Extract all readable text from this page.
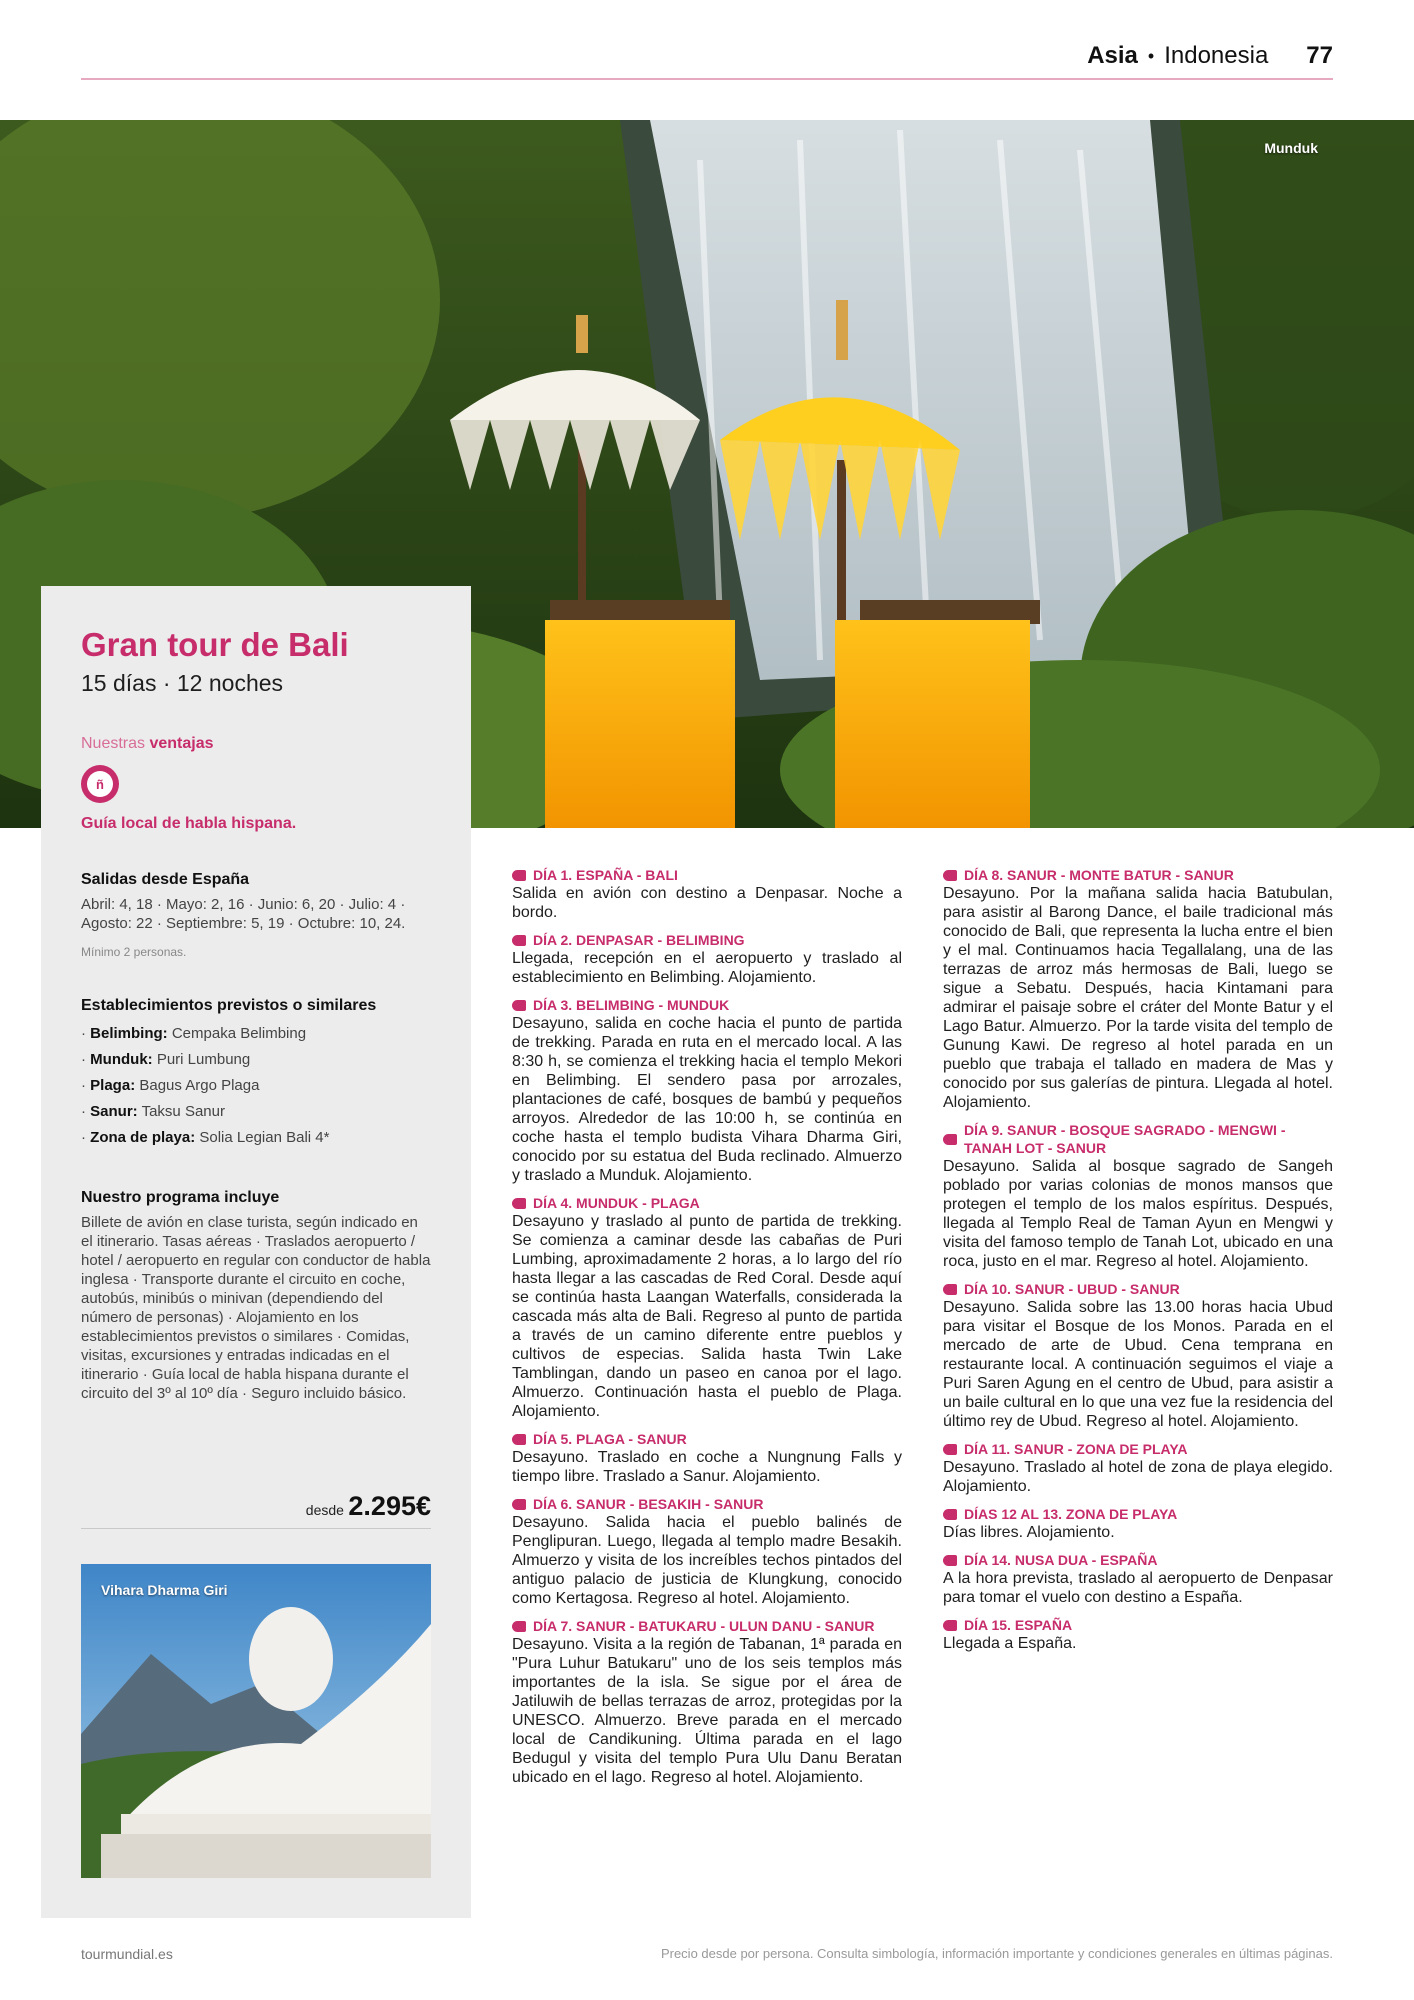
Asia • Indonesia 77
Munduk
Gran tour de Bali
15 días · 12 noches
Nuestras ventajas
ñ
Guía local de habla hispana.
Salidas desde España
Abril: 4, 18 · Mayo: 2, 16 · Junio: 6, 20 · Julio: 4 · Agosto: 22 · Septiembre: 5, 19 · Octubre: 10, 24.
Mínimo 2 personas.
Establecimientos previstos o similares
· Belimbing: Cempaka Belimbing
· Munduk: Puri Lumbung
· Plaga: Bagus Argo Plaga
· Sanur: Taksu Sanur
· Zona de playa: Solia Legian Bali 4*
Nuestro programa incluye
Billete de avión en clase turista, según indicado en el itinerario. Tasas aéreas · Traslados aeropuerto / hotel / aeropuerto en regular con conductor de habla inglesa · Transporte durante el circuito en coche, autobús, minibús o minivan (dependiendo del número de personas) · Alojamiento en los establecimientos previstos o similares · Comidas, visitas, excursiones y entradas indicadas en el itinerario · Guía local de habla hispana durante el circuito del 3º al 10º día · Seguro incluido básico.
desde 2.295€
Vihara Dharma Giri
DÍA 1. ESPAÑA - BALI
Salida en avión con destino a Denpasar. Noche a bordo.
DÍA 2. DENPASAR - BELIMBING
Llegada, recepción en el aeropuerto y traslado al establecimiento en Belimbing. Alojamiento.
DÍA 3. BELIMBING - MUNDUK
Desayuno, salida en coche hacia el punto de partida de trekking. Parada en ruta en el mercado local. A las 8:30 h, se comienza el trekking hacia el templo Mekori en Belimbing. El sendero pasa por arrozales, plantaciones de café, bosques de bambú y pequeños arroyos. Alrededor de las 10:00 h, se continúa en coche hasta el templo budista Vihara Dharma Giri, conocido por su estatua del Buda reclinado. Almuerzo y traslado a Munduk. Alojamiento.
DÍA 4. MUNDUK - PLAGA
Desayuno y traslado al punto de partida de trekking. Se comienza a caminar desde las cabañas de Puri Lumbing, aproximadamente 2 horas, a lo largo del río hasta llegar a las cascadas de Red Coral. Desde aquí se continúa hasta Laangan Waterfalls, considerada la cascada más alta de Bali. Regreso al punto de partida a través de un camino diferente entre pueblos y cultivos de especias. Salida hasta Twin Lake Tamblingan, dando un paseo en canoa por el lago. Almuerzo. Continuación hasta el pueblo de Plaga. Alojamiento.
DÍA 5. PLAGA - SANUR
Desayuno. Traslado en coche a Nungnung Falls y tiempo libre. Traslado a Sanur. Alojamiento.
DÍA 6. SANUR - BESAKIH - SANUR
Desayuno. Salida hacia el pueblo balinés de Penglipuran. Luego, llegada al templo madre Besakih. Almuerzo y visita de los increíbles techos pintados del antiguo palacio de justicia de Klungkung, conocido como Kertagosa. Regreso al hotel. Alojamiento.
DÍA 7. SANUR - BATUKARU - ULUN DANU - SANUR
Desayuno. Visita a la región de Tabanan, 1ª parada en "Pura Luhur Batukaru" uno de los seis templos más importantes de la isla. Se sigue por el área de Jatiluwih de bellas terrazas de arroz, protegidas por la UNESCO. Almuerzo. Breve parada en el mercado local de Candikuning. Última parada en el lago Bedugul y visita del templo Pura Ulu Danu Beratan ubicado en el lago. Regreso al hotel. Alojamiento.
DÍA 8. SANUR - MONTE BATUR - SANUR
Desayuno. Por la mañana salida hacia Batubulan, para asistir al Barong Dance, el baile tradicional más conocido de Bali, que representa la lucha entre el bien y el mal. Continuamos hacia Tegallalang, una de las terrazas de arroz más hermosas de Bali, luego se sigue a Sebatu. Después, hacia Kintamani para admirar el paisaje sobre el cráter del Monte Batur y el Lago Batur. Almuerzo. Por la tarde visita del templo de Gunung Kawi. De regreso al hotel parada en un pueblo que trabaja el tallado en madera de Mas y conocido por sus galerías de pintura. Llegada al hotel. Alojamiento.
DÍA 9. SANUR - BOSQUE SAGRADO - MENGWI - TANAH LOT - SANUR
Desayuno. Salida al bosque sagrado de Sangeh poblado por varias colonias de monos mansos que protegen el templo de los malos espíritus. Después, llegada al Templo Real de Taman Ayun en Mengwi y visita del famoso templo de Tanah Lot, ubicado en una roca, justo en el mar. Regreso al hotel. Alojamiento.
DÍA 10. SANUR - UBUD - SANUR
Desayuno. Salida sobre las 13.00 horas hacia Ubud para visitar el Bosque de los Monos. Parada en el mercado de arte de Ubud. Cena temprana en restaurante local. A continuación seguimos el viaje a Puri Saren Agung en el centro de Ubud, para asistir a un baile cultural en lo que una vez fue la residencia del último rey de Ubud. Regreso al hotel. Alojamiento.
DÍA 11. SANUR - ZONA DE PLAYA
Desayuno. Traslado al hotel de zona de playa elegido. Alojamiento.
DÍAS 12 AL 13. ZONA DE PLAYA
Días libres. Alojamiento.
DÍA 14. NUSA DUA - ESPAÑA
A la hora prevista, traslado al aeropuerto de Denpasar para tomar el vuelo con destino a España.
DÍA 15. ESPAÑA
Llegada a España.
tourmundial.es	Precio desde por persona. Consulta simbología, información importante y condiciones generales en últimas páginas.
